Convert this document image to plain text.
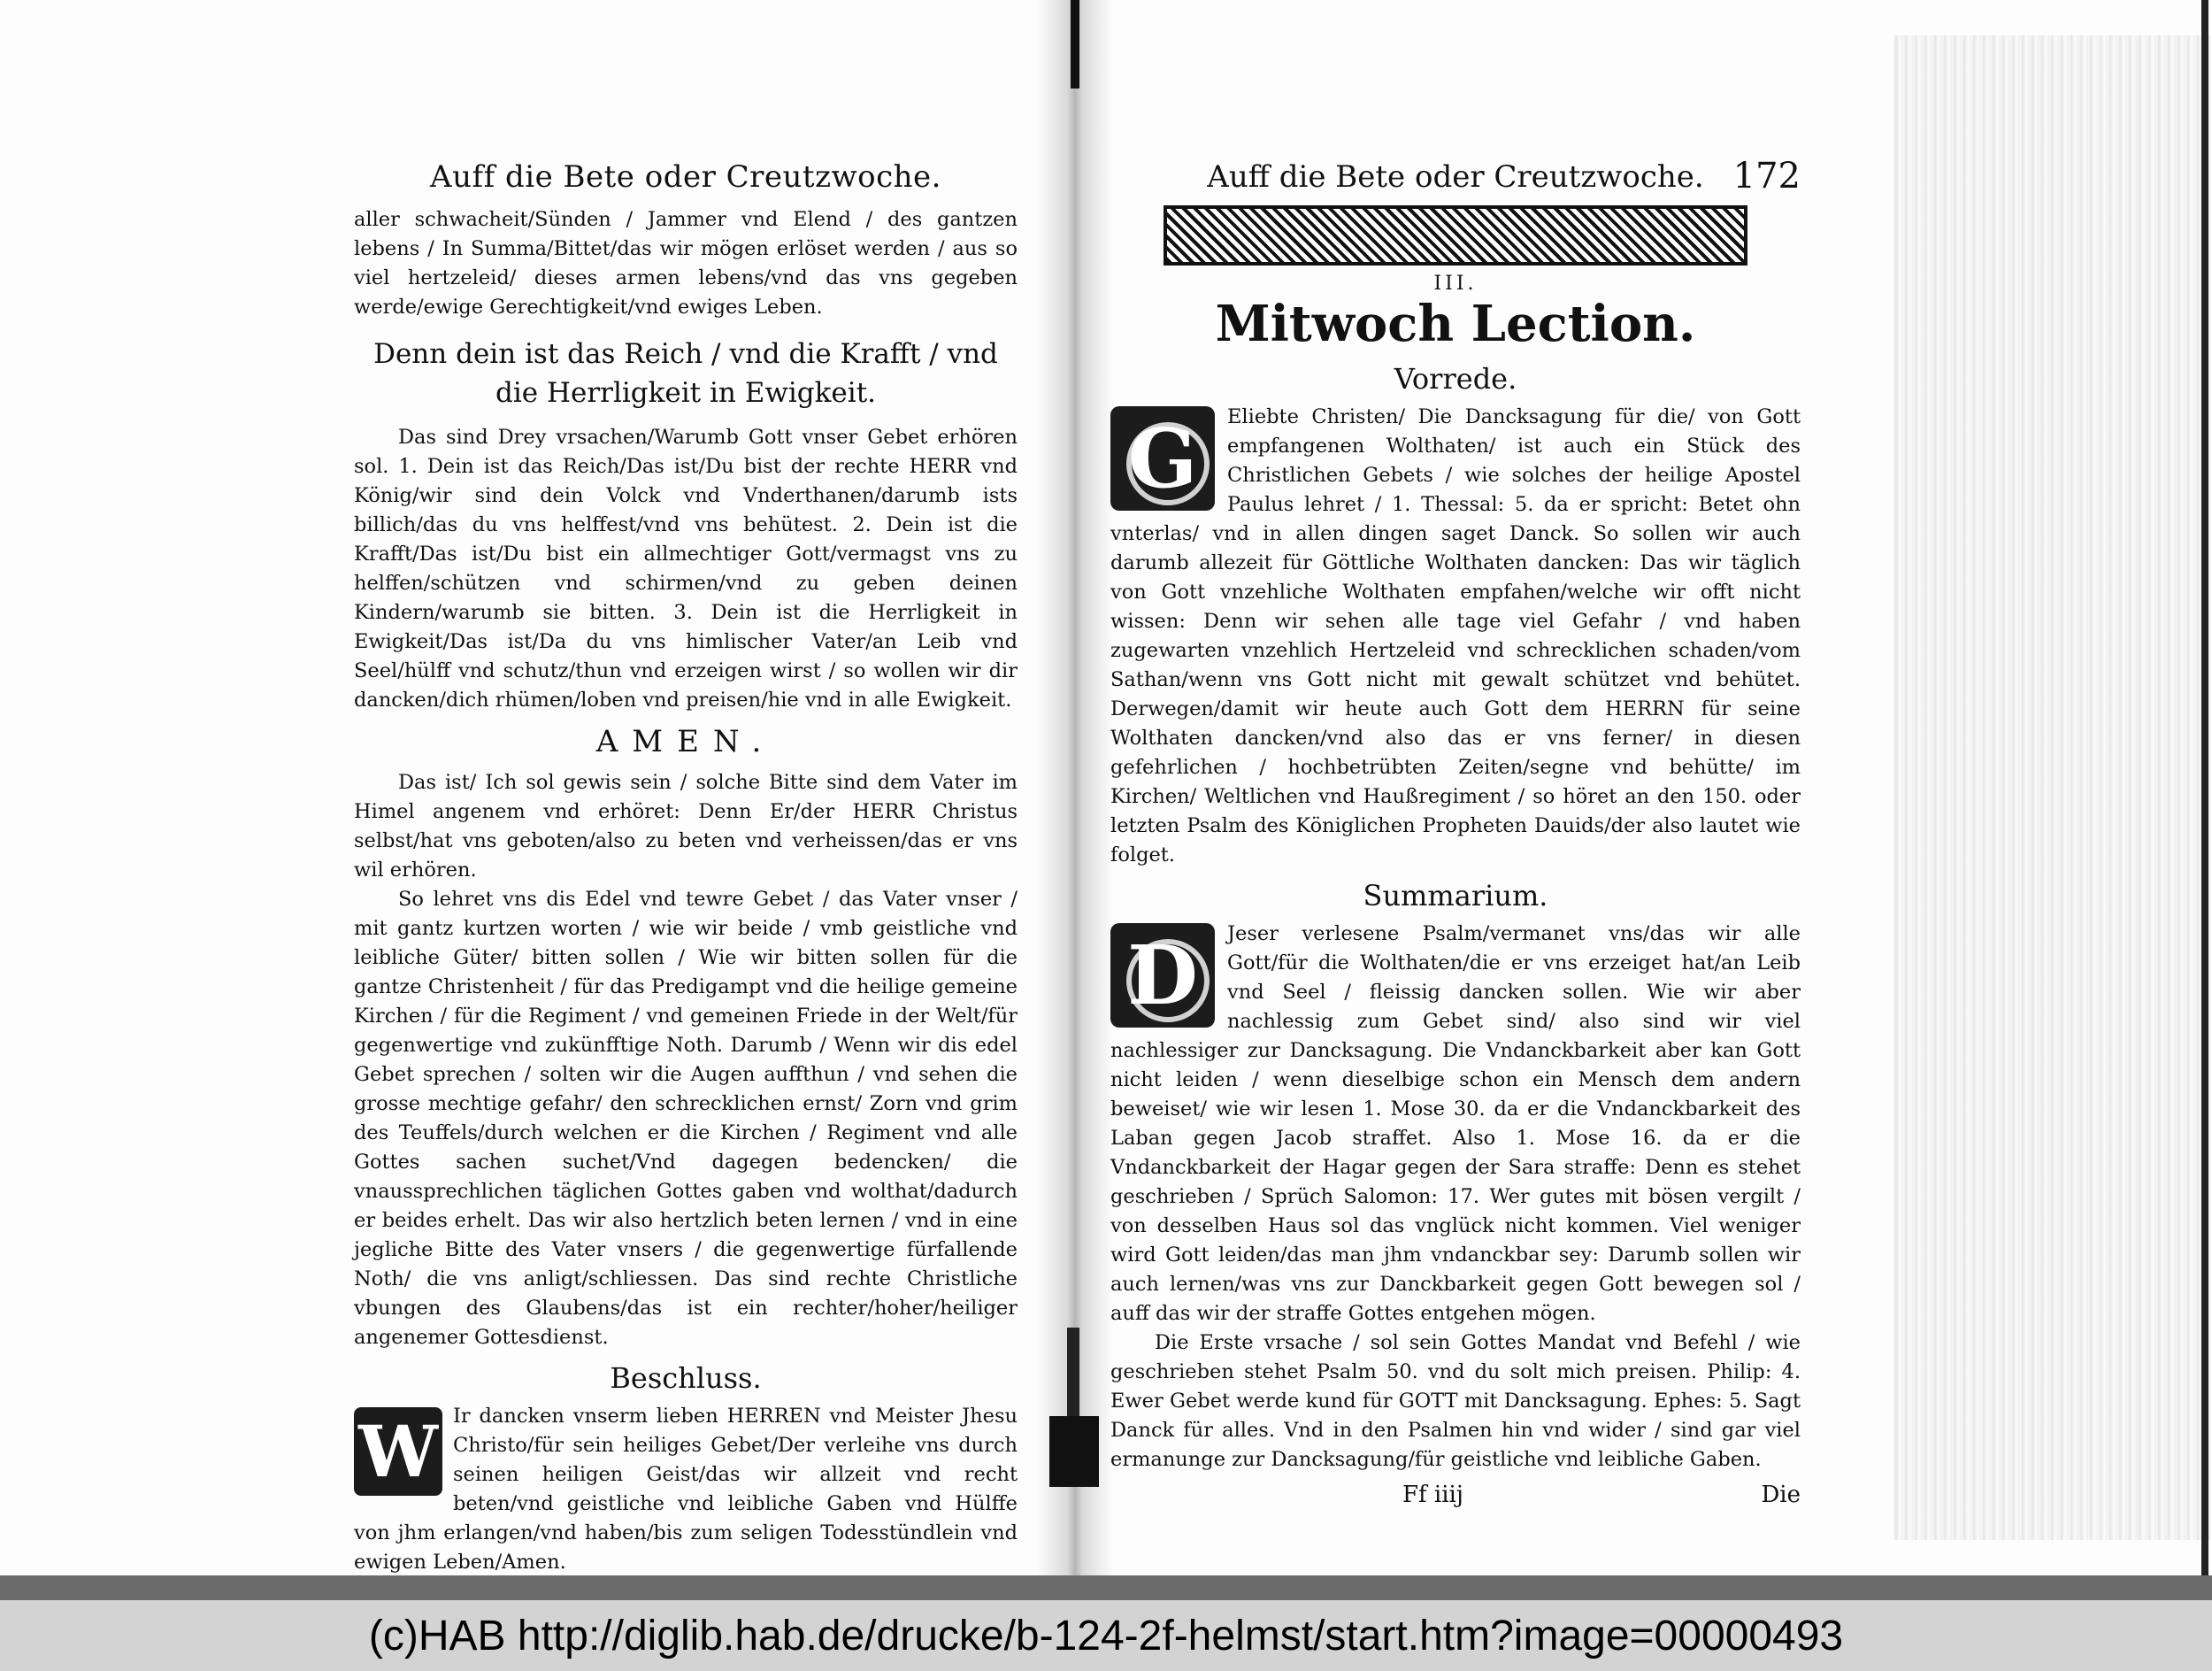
Auff die Bete oder Creutzwoche.

aller schwacheit/Sünden / Jammer vnd Elend / des gantzen lebens / In Summa/Bittet/das wir mögen erlöset werden / aus so viel hertzeleid/ dieses armen lebens/vnd das vns gegeben werde/ewige Gerechtigkeit/vnd ewiges Leben.

Denn dein ist das Reich / vnd die Krafft / vnd die Herrligkeit in Ewigkeit.

Das sind Drey vrsachen/Warumb Gott vnser Gebet erhören sol. 1. Dein ist das Reich/Das ist/Du bist der rechte HERR vnd König/wir sind dein Volck vnd Vnderthanen/darumb ists billich/das du vns helffest/vnd vns behütest. 2. Dein ist die Krafft/Das ist/Du bist ein allmechtiger Gott/vermagst vns zu helffen/schützen vnd schirmen/vnd zu geben deinen Kindern/warumb sie bitten. 3. Dein ist die Herrligkeit in Ewigkeit/Das ist/Da du vns himlischer Vater/an Leib vnd Seel/hülff vnd schutz/thun vnd erzeigen wirst / so wollen wir dir dancken/dich rhümen/loben vnd preisen/hie vnd in alle Ewigkeit.

AMEN.

Das ist/ Ich sol gewis sein / solche Bitte sind dem Vater im Himel angenem vnd erhöret: Denn Er/der HERR Christus selbst/hat vns geboten/also zu beten vnd verheissen/das er vns wil erhören.

So lehret vns dis Edel vnd tewre Gebet / das Vater vnser / mit gantz kurtzen worten / wie wir beide / vmb geistliche vnd leibliche Güter/ bitten sollen / Wie wir bitten sollen für die gantze Christenheit / für das Predigampt vnd die heilige gemeine Kirchen / für die Regiment / vnd gemeinen Friede in der Welt/für gegenwertige vnd zukünfftige Noth. Darumb / Wenn wir dis edel Gebet sprechen / solten wir die Augen auffthun / vnd sehen die grosse mechtige gefahr/ den schrecklichen ernst/ Zorn vnd grim des Teuffels/durch welchen er die Kirchen / Regiment vnd alle Gottes sachen suchet/Vnd dagegen bedencken/ die vnaussprechlichen täglichen Gottes gaben vnd wolthat/dadurch er beides erhelt. Das wir also hertzlich beten lernen / vnd in eine jegliche Bitte des Vater vnsers / die gegenwertige fürfallende Noth/ die vns anligt/schliessen. Das sind rechte Christliche vbungen des Glaubens/das ist ein rechter/hoher/heiliger angenemer Gottesdienst.

Beschluss.
W Ir dancken vnserm lieben HERREN vnd Meister Jhesu Christo/für sein heiliges Gebet/Der verleihe vns durch seinen heiligen Geist/das wir allzeit vnd recht beten/vnd geistliche vnd leibliche Gaben vnd Hülffe von jhm erlangen/vnd haben/bis zum seligen Todesstündlein vnd ewigen Leben/Amen.

Auff die Bete oder Creutzwoche. 172
III.
Mitwoch Lection.
Vorrede.
G	Eliebte Christen/ Die Dancksagung für die/ von Gott empfangenen Wolthaten/ ist auch ein Stück des Christlichen Gebets / wie solches der heilige Apostel Paulus lehret / 1. Thessal: 5. da er spricht: Betet ohn vnterlas/ vnd in allen dingen saget Danck. So sollen wir auch darumb allezeit für Göttliche Wolthaten dancken: Das wir täglich von Gott vnzehliche Wolthaten empfahen/welche wir offt nicht wissen: Denn wir sehen alle tage viel Gefahr / vnd haben zugewarten vnzehlich Hertzeleid vnd schrecklichen schaden/vom Sathan/wenn vns Gott nicht mit gewalt schützet vnd behütet. Derwegen/damit wir heute auch Gott dem HERRN für seine Wolthaten dancken/vnd also das er vns ferner/ in diesen gefehrlichen / hochbetrübten Zeiten/segne vnd behütte/ im Kirchen/ Weltlichen vnd Haußregiment / so höret an den 150. oder letzten Psalm des Königlichen Propheten Dauids/der also lautet wie folget.

Summarium.
D	Jeser verlesene Psalm/vermanet vns/das wir alle Gott/für die Wolthaten/die er vns erzeiget hat/an Leib vnd Seel / fleissig dancken sollen. Wie wir aber nachlessig zum Gebet sind/ also sind wir viel nachlessiger zur Dancksagung. Die Vndanckbarkeit aber kan Gott nicht leiden / wenn dieselbige schon ein Mensch dem andern beweiset/ wie wir lesen 1. Mose 30. da er die Vndanckbarkeit des Laban gegen Jacob straffet. Also 1. Mose 16. da er die Vndanckbarkeit der Hagar gegen der Sara straffe: Denn es stehet geschrieben / Sprüch Salomon: 17. Wer gutes mit bösen vergilt / von desselben Haus sol das vnglück nicht kommen. Viel weniger wird Gott leiden/das man jhm vndanckbar sey: Darumb sollen wir auch lernen/was vns zur Danckbarkeit gegen Gott bewegen sol / auff das wir der straffe Gottes entgehen mögen.

Die Erste vrsache / sol sein Gottes Mandat vnd Befehl / wie geschrieben stehet Psalm 50. vnd du solt mich preisen. Philip: 4. Ewer Gebet werde kund für GOTT mit Dancksagung. Ephes: 5. Sagt Danck für alles. Vnd in den Psalmen hin vnd wider / sind gar viel ermanunge zur Dancksagung/für geistliche vnd leibliche Gaben.

Ff iiij	Die
(c)HAB http://diglib.hab.de/drucke/b-124-2f-helmst/start.htm?image=00000493
